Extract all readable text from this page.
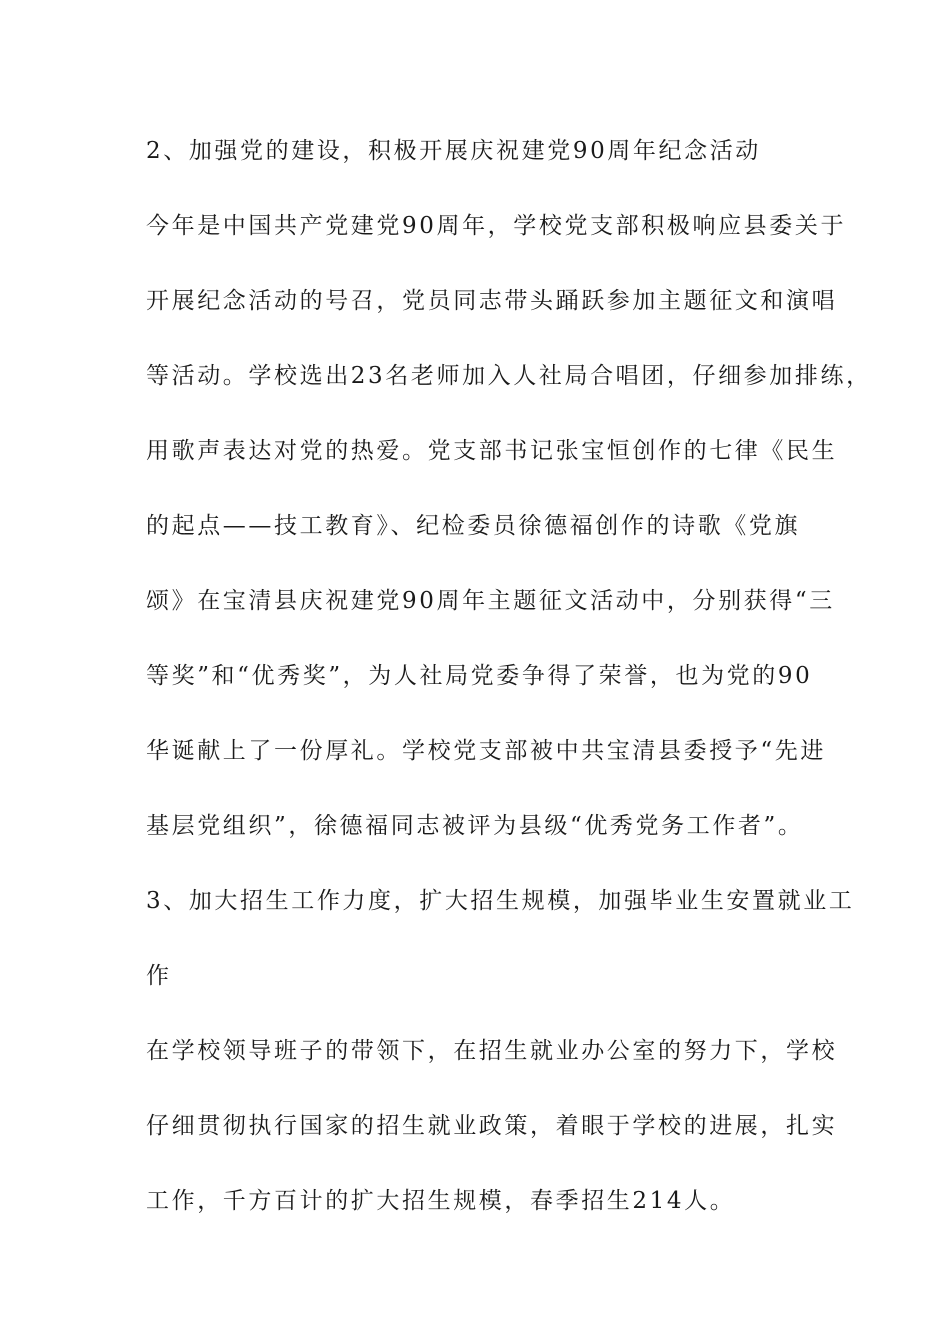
2、加强党的建设，积极开展庆祝建党90周年纪念活动
今年是中国共产党建党90周年，学校党支部积极响应县委关于
开展纪念活动的号召，党员同志带头踊跃参加主题征文和演唱
等活动。学校选出23名老师加入人社局合唱团，仔细参加排练，
用歌声表达对党的热爱。党支部书记张宝恒创作的七律《民生
的起点——技工教育》、纪检委员徐德福创作的诗歌《党旗
颂》在宝清县庆祝建党90周年主题征文活动中，分别获得“三
等奖”和“优秀奖”，为人社局党委争得了荣誉，也为党的90
华诞献上了一份厚礼。学校党支部被中共宝清县委授予“先进
基层党组织”，徐德福同志被评为县级“优秀党务工作者”。
3、加大招生工作力度，扩大招生规模，加强毕业生安置就业工
作
在学校领导班子的带领下，在招生就业办公室的努力下，学校
仔细贯彻执行国家的招生就业政策，着眼于学校的进展，扎实
工作，千方百计的扩大招生规模，春季招生214人。
